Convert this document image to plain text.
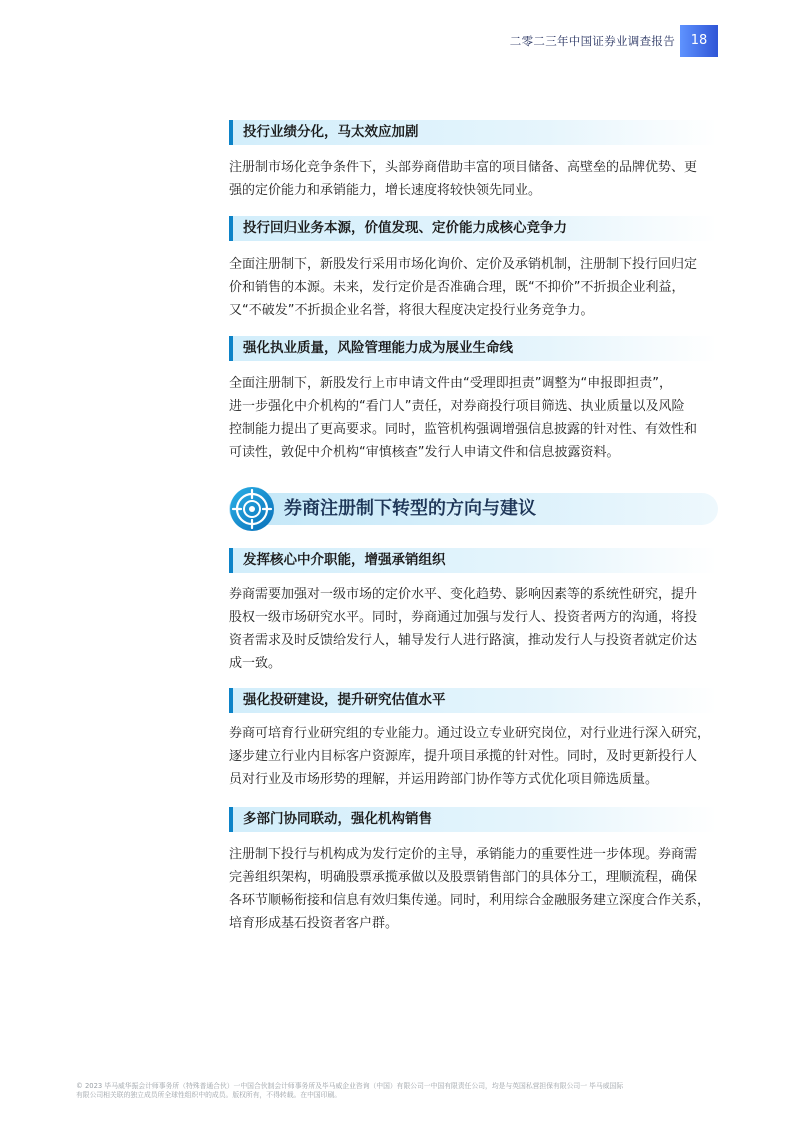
二零二三年中国证券业调查报告	18
投行业绩分化，马太效应加剧
注册制市场化竞争条件下，头部券商借助丰富的项目储备、高壁垒的品牌优势、更
强的定价能力和承销能力，增长速度将较快领先同业。
投行回归业务本源，价值发现、定价能力成核心竞争力
全面注册制下，新股发行采用市场化询价、定价及承销机制，注册制下投行回归定
价和销售的本源。未来，发行定价是否准确合理，既“不抑价”不折损企业利益，
又“不破发”不折损企业名誉，将很大程度决定投行业务竞争力。
强化执业质量，风险管理能力成为展业生命线
全面注册制下，新股发行上市申请文件由“受理即担责”调整为“申报即担责”，
进一步强化中介机构的“看门人”责任，对券商投行项目筛选、执业质量以及风险
控制能力提出了更高要求。同时，监管机构强调增强信息披露的针对性、有效性和
可读性，敦促中介机构“审慎核查”发行人申请文件和信息披露资料。
券商注册制下转型的方向与建议
发挥核心中介职能，增强承销组织
券商需要加强对一级市场的定价水平、变化趋势、影响因素等的系统性研究，提升
股权一级市场研究水平。同时，券商通过加强与发行人、投资者两方的沟通，将投
资者需求及时反馈给发行人，辅导发行人进行路演，推动发行人与投资者就定价达
成一致。
强化投研建设，提升研究估值水平
券商可培育行业研究组的专业能力。通过设立专业研究岗位，对行业进行深入研究，
逐步建立行业内目标客户资源库，提升项目承揽的针对性。同时，及时更新投行人
员对行业及市场形势的理解，并运用跨部门协作等方式优化项目筛选质量。
多部门协同联动，强化机构销售
注册制下投行与机构成为发行定价的主导，承销能力的重要性进一步体现。券商需
完善组织架构，明确股票承揽承做以及股票销售部门的具体分工，理顺流程，确保
各环节顺畅衔接和信息有效归集传递。同时，利用综合金融服务建立深度合作关系，
培育形成基石投资者客户群。
© 2023 毕马威华振会计师事务所（特殊普通合伙）一中国合伙制会计师事务所及毕马威企业咨询（中国）有限公司一中国有限责任公司，均是与英国私营担保有限公司一 毕马威国际
有限公司相关联的独立成员所全球性组织中的成员。版权所有，不得转载。在中国印刷。
